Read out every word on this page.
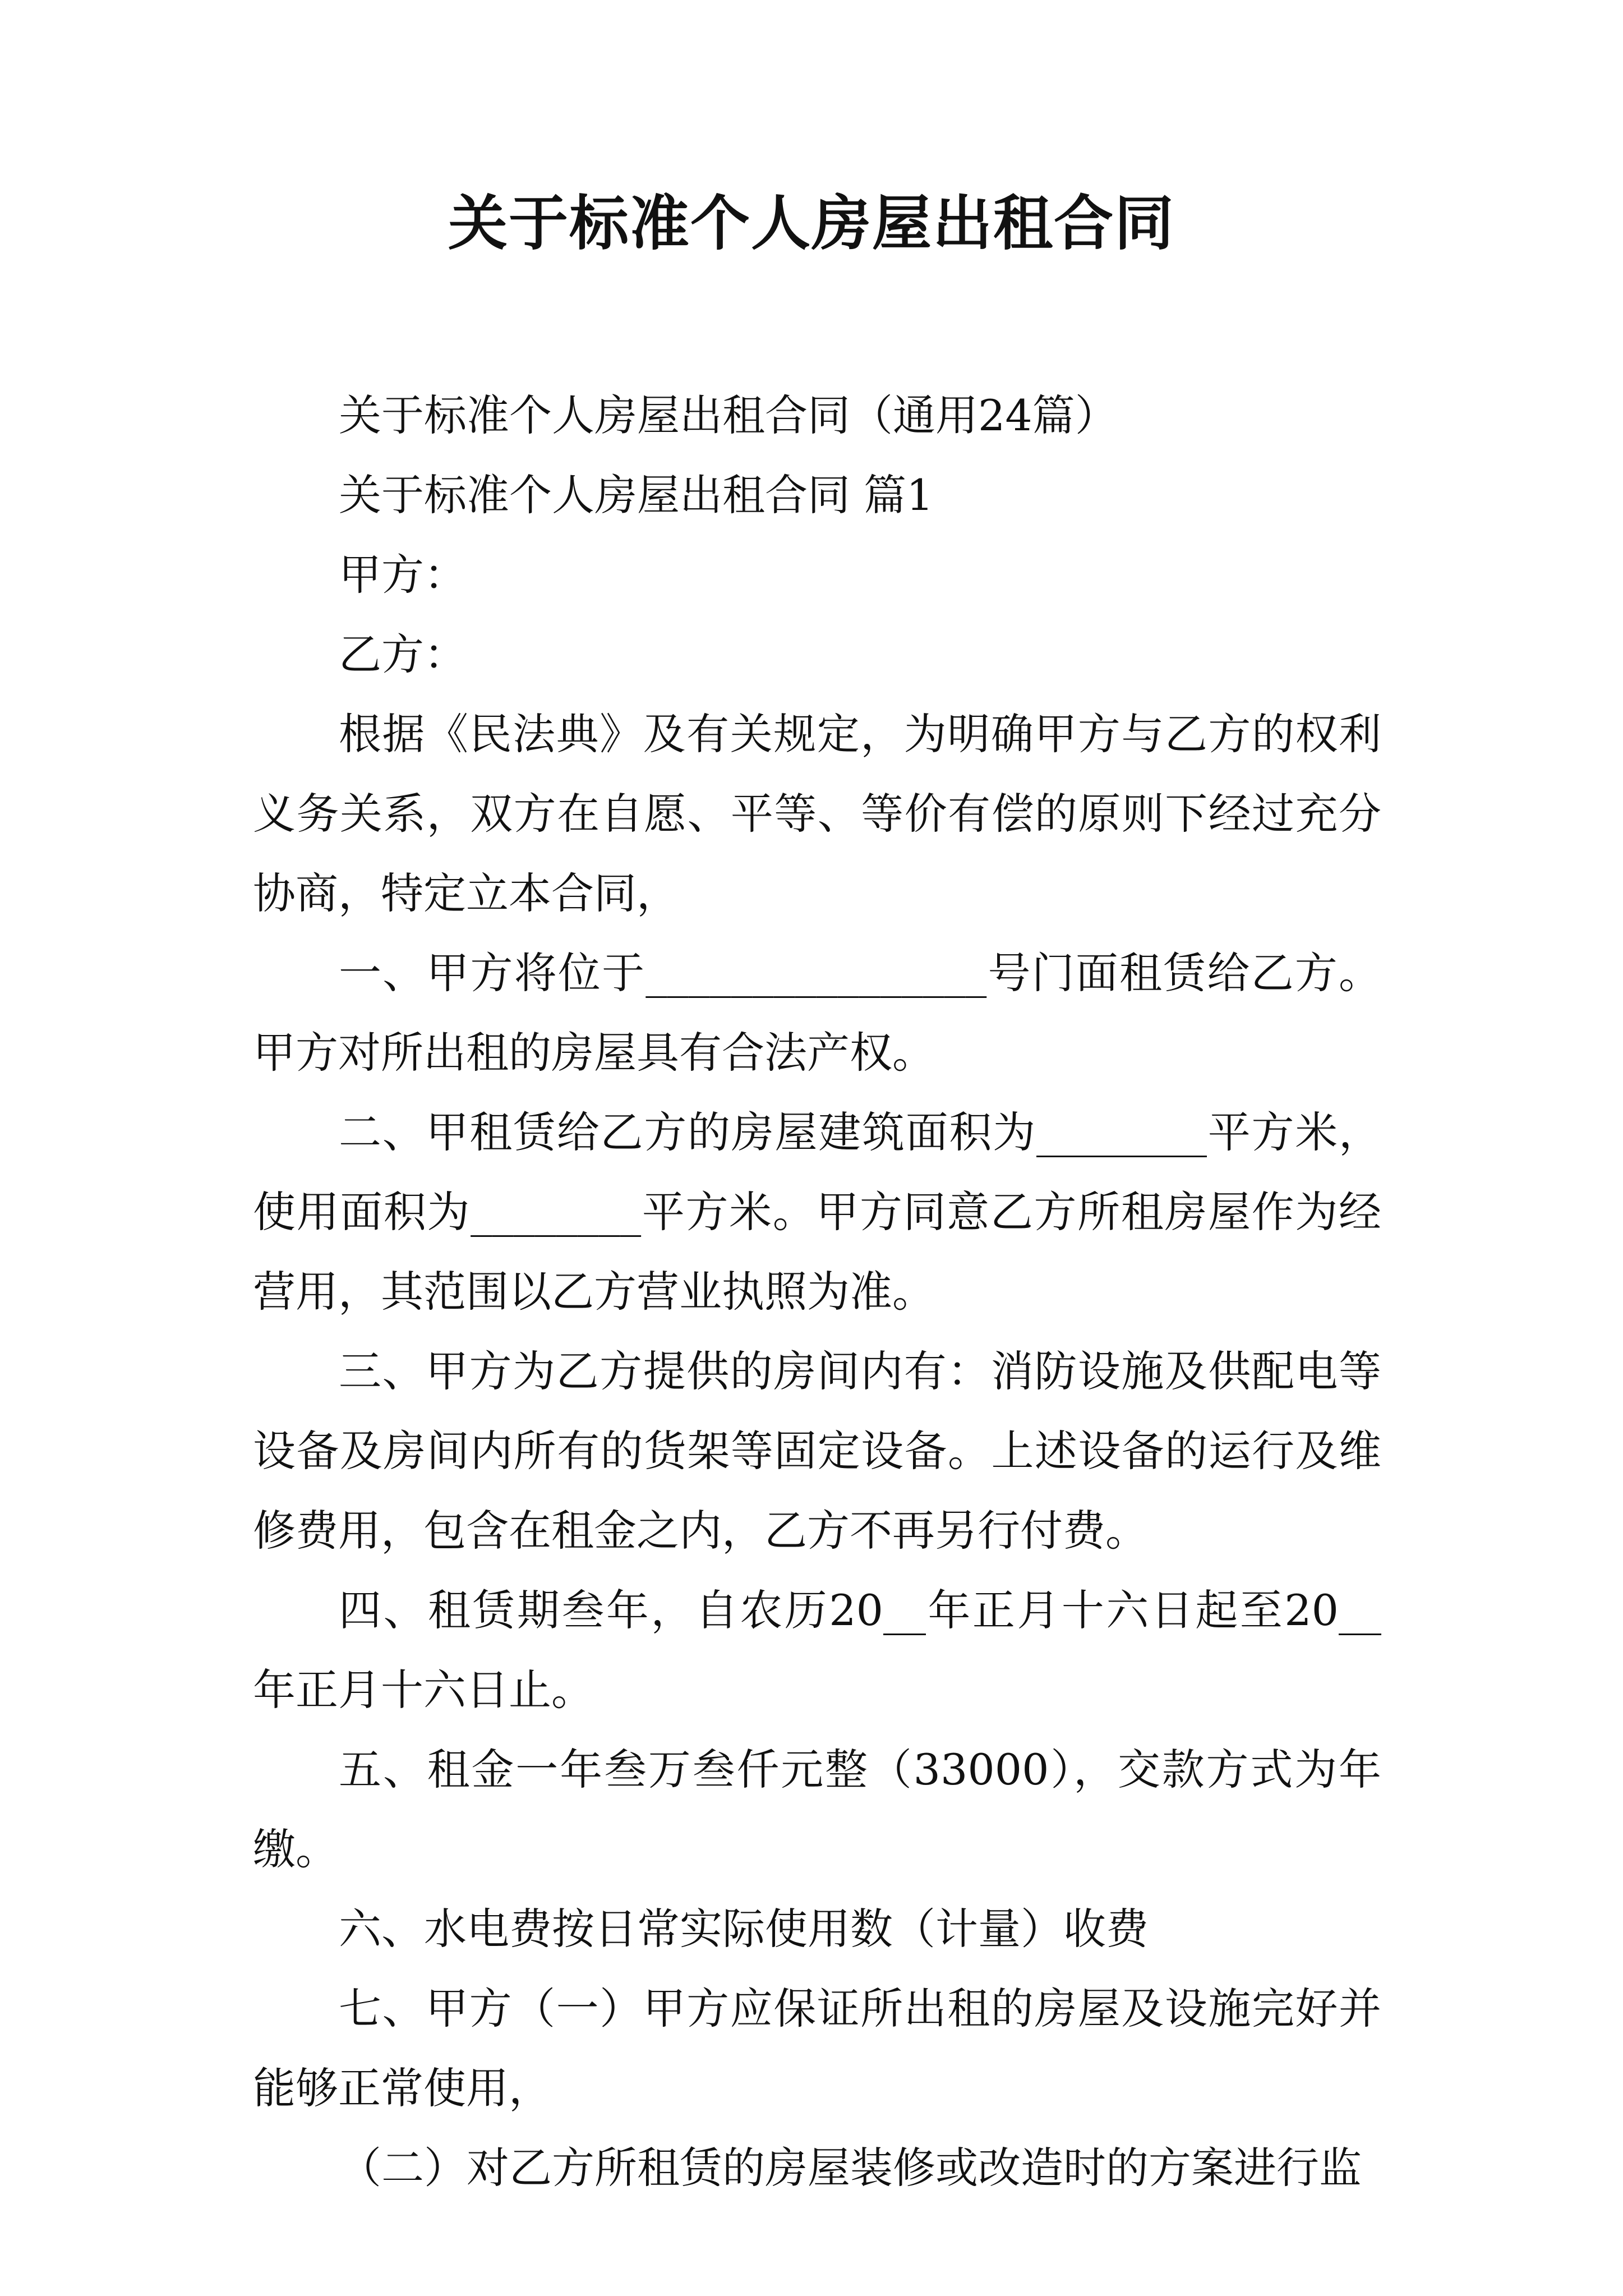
关于标准个人房屋出租合同

关于标准个人房屋出租合同（通用24篇）

关于标准个人房屋出租合同 篇1

甲方：

乙方：

根据《民法典》及有关规定，为明确甲方与乙方的权利义务关系，双方在自愿、平等、等价有偿的原则下经过充分协商，特定立本合同，

一、甲方将位于________________号门面租赁给乙方。甲方对所出租的房屋具有合法产权。

二、甲租赁给乙方的房屋建筑面积为________平方米，使用面积为________平方米。甲方同意乙方所租房屋作为经营用，其范围以乙方营业执照为准。

三、甲方为乙方提供的房间内有：消防设施及供配电等设备及房间内所有的货架等固定设备。上述设备的运行及维修费用，包含在租金之内，乙方不再另行付费。

四、租赁期叁年，自农历20__年正月十六日起至20__年正月十六日止。

五、租金一年叁万叁仟元整（33000），交款方式为年缴。

六、水电费按日常实际使用数（计量）收费

七、甲方（一）甲方应保证所出租的房屋及设施完好并能够正常使用，

（二）对乙方所租赁的房屋装修或改造时的方案进行监
